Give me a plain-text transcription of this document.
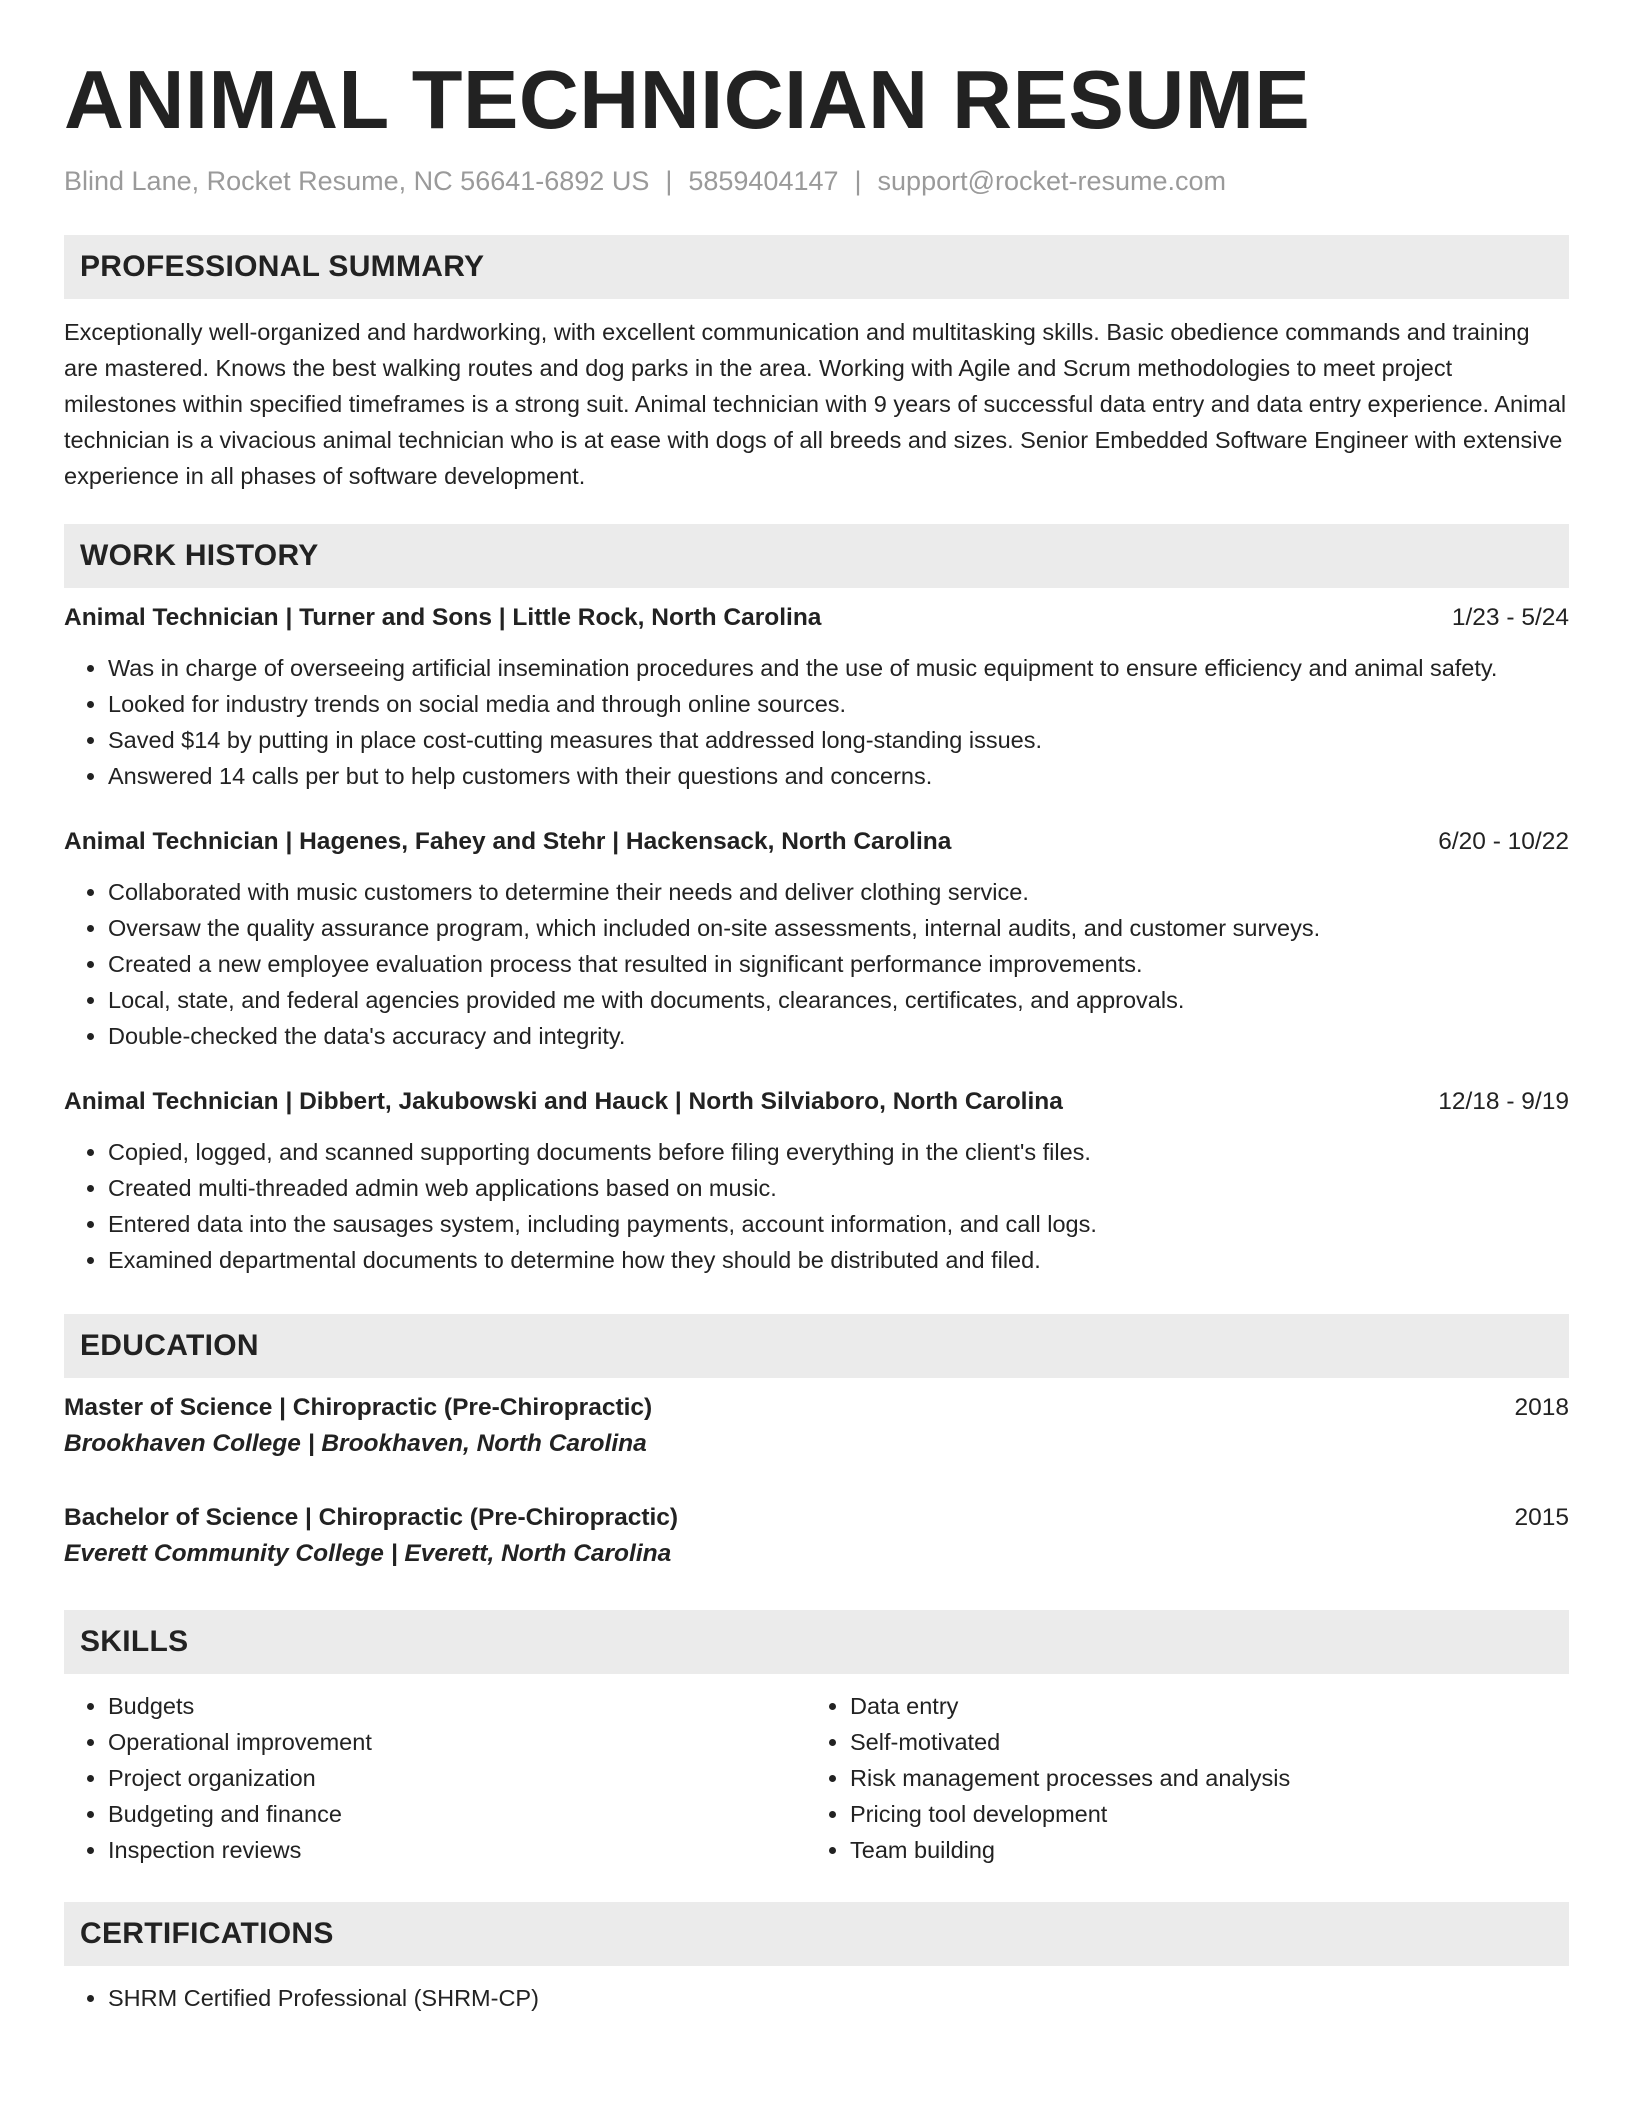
ANIMAL TECHNICIAN RESUME
Blind Lane, Rocket Resume, NC 56641-6892 US | 5859404147 | support@rocket-resume.com
PROFESSIONAL SUMMARY
Exceptionally well-organized and hardworking, with excellent communication and multitasking skills. Basic obedience commands and training are mastered. Knows the best walking routes and dog parks in the area. Working with Agile and Scrum methodologies to meet project milestones within specified timeframes is a strong suit. Animal technician with 9 years of successful data entry and data entry experience. Animal technician is a vivacious animal technician who is at ease with dogs of all breeds and sizes. Senior Embedded Software Engineer with extensive experience in all phases of software development.
WORK HISTORY
Animal Technician | Turner and Sons | Little Rock, North Carolina	1/23 - 5/24
• Was in charge of overseeing artificial insemination procedures and the use of music equipment to ensure efficiency and animal safety.
• Looked for industry trends on social media and through online sources.
• Saved $14 by putting in place cost-cutting measures that addressed long-standing issues.
• Answered 14 calls per but to help customers with their questions and concerns.
Animal Technician | Hagenes, Fahey and Stehr | Hackensack, North Carolina	6/20 - 10/22
• Collaborated with music customers to determine their needs and deliver clothing service.
• Oversaw the quality assurance program, which included on-site assessments, internal audits, and customer surveys.
• Created a new employee evaluation process that resulted in significant performance improvements.
• Local, state, and federal agencies provided me with documents, clearances, certificates, and approvals.
• Double-checked the data's accuracy and integrity.
Animal Technician | Dibbert, Jakubowski and Hauck | North Silviaboro, North Carolina	12/18 - 9/19
• Copied, logged, and scanned supporting documents before filing everything in the client's files.
• Created multi-threaded admin web applications based on music.
• Entered data into the sausages system, including payments, account information, and call logs.
• Examined departmental documents to determine how they should be distributed and filed.
EDUCATION
Master of Science | Chiropractic (Pre-Chiropractic)	2018
Brookhaven College | Brookhaven, North Carolina
Bachelor of Science | Chiropractic (Pre-Chiropractic)	2015
Everett Community College | Everett, North Carolina
SKILLS
• Budgets
• Operational improvement
• Project organization
• Budgeting and finance
• Inspection reviews
• Data entry
• Self-motivated
• Risk management processes and analysis
• Pricing tool development
• Team building
CERTIFICATIONS
• SHRM Certified Professional (SHRM-CP)
